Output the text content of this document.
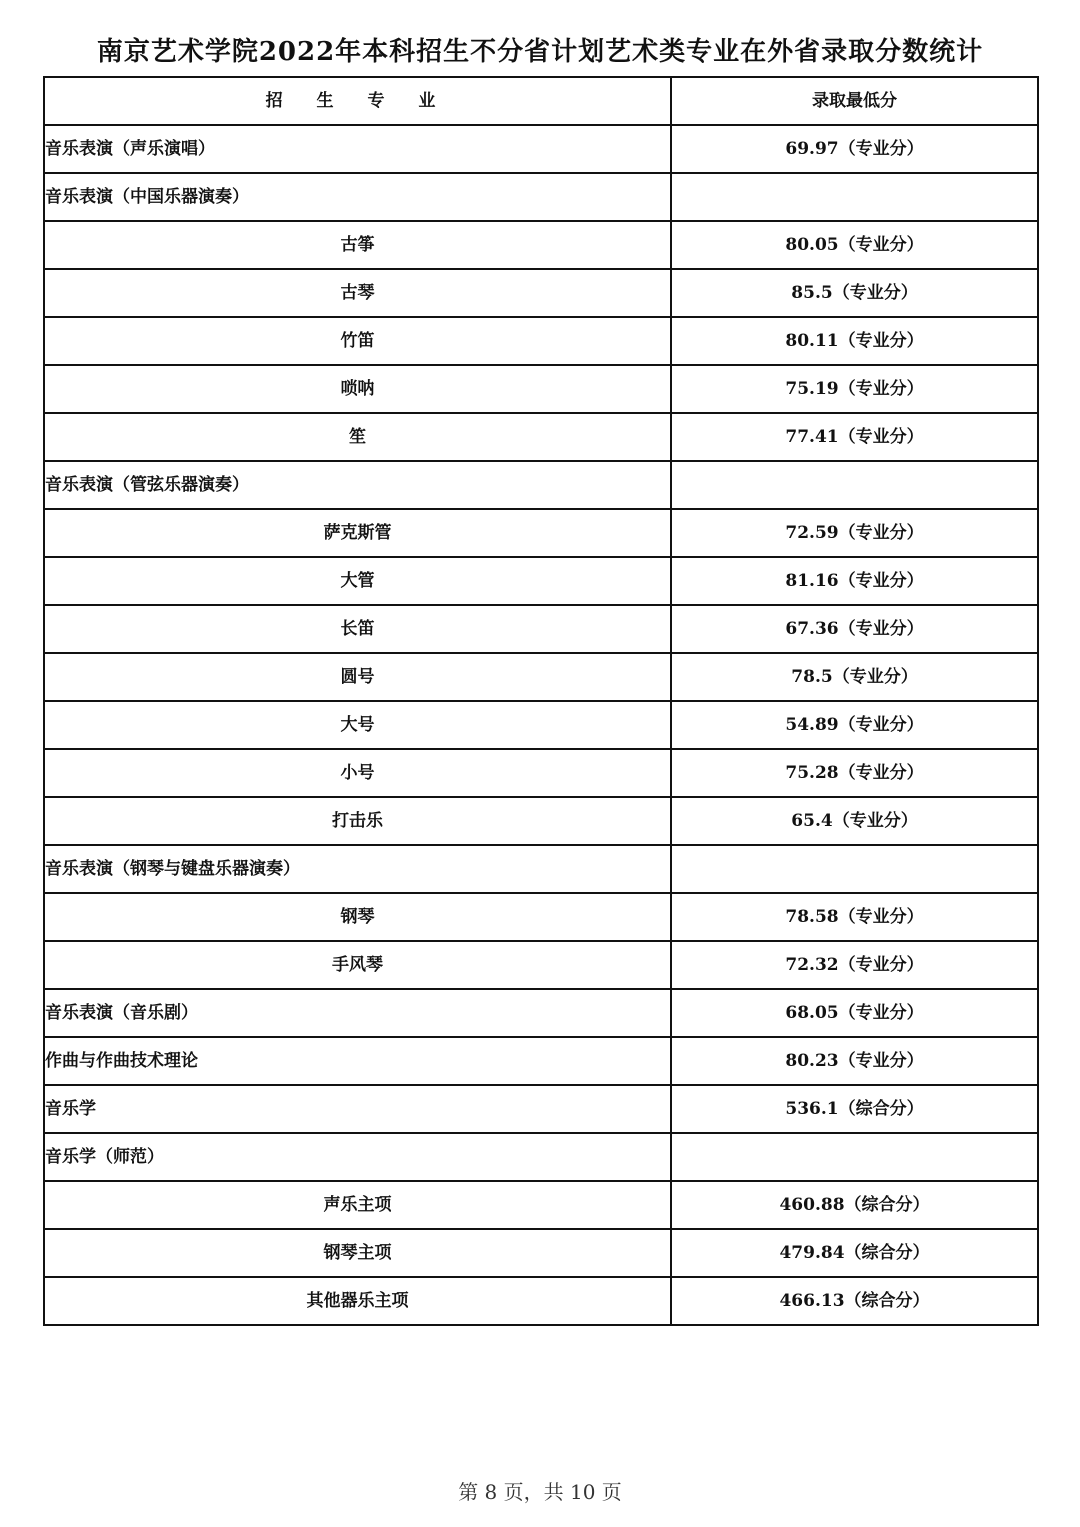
南京艺术学院2022年本科招生不分省计划艺术类专业在外省录取分数统计
招 生 专 业	录取最低分
音乐表演（声乐演唱）	69.97（专业分）
音乐表演（中国乐器演奏）	
古筝	80.05（专业分）
古琴	85.5（专业分）
竹笛	80.11（专业分）
唢呐	75.19（专业分）
笙	77.41（专业分）
音乐表演（管弦乐器演奏）	
萨克斯管	72.59（专业分）
大管	81.16（专业分）
长笛	67.36（专业分）
圆号	78.5（专业分）
大号	54.89（专业分）
小号	75.28（专业分）
打击乐	65.4（专业分）
音乐表演（钢琴与键盘乐器演奏）	
钢琴	78.58（专业分）
手风琴	72.32（专业分）
音乐表演（音乐剧）	68.05（专业分）
作曲与作曲技术理论	80.23（专业分）
音乐学	536.1（综合分）
音乐学（师范）	
声乐主项	460.88（综合分）
钢琴主项	479.84（综合分）
其他器乐主项	466.13（综合分）
第 8 页，共 10 页
